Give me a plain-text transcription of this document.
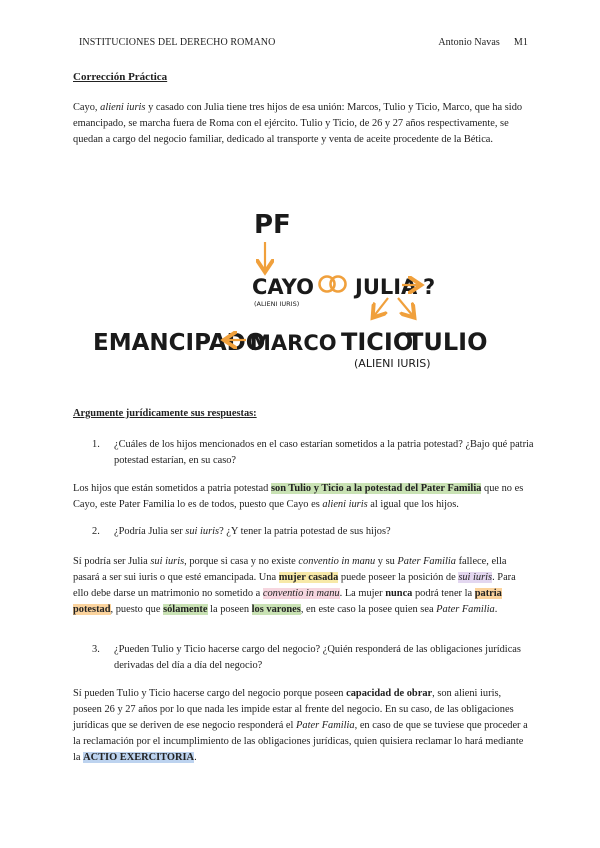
INSTITUCIONES DEL DERECHO ROMANO	Antonio Navas M1
Corrección Práctica
Cayo, alieni iuris y casado con Julia tiene tres hijos de esa unión: Marcos, Tulio y Ticio, Marco, que ha sido emancipado, se marcha fuera de Roma con el ejército. Tulio y Ticio, de 26 y 27 años respectivamente, se quedan a cargo del negocio familiar, dedicado al transporte y venta de aceite procedente de la Bética.
PF
CAYO
(ALIENI IURIS)
JULIA ?
EMANCIPADO
MARCO TICIO
TULIO
(ALIENI IURIS)
Argumente jurídicamente sus respuestas:
1. ¿Cuáles de los hijos mencionados en el caso estarían sometidos a la patria potestad? ¿Bajo qué patria potestad estarían, en su caso?
Los hijos que están sometidos a patria potestad son Tulio y Ticio a la potestad del Pater Familia que no es Cayo, este Pater Familia lo es de todos, puesto que Cayo es alieni iuris al igual que los hijos.
2. ¿Podría Julia ser sui iuris? ¿Y tener la patria potestad de sus hijos?
Sí podría ser Julia sui iuris, porque si casa y no existe conventio in manu y su Pater Familia fallece, ella pasará a ser sui iuris o que esté emancipada. Una mujer casada puede poseer la posición de sui iuris. Para ello debe darse un matrimonio no sometido a conventio in manu. La mujer nunca podrá tener la patria potestad, puesto que sólamente la poseen los varones, en este caso la posee quien sea Pater Familia.
3. ¿Pueden Tulio y Ticio hacerse cargo del negocio? ¿Quién responderá de las obligaciones jurídicas derivadas del día a día del negocio?
Sí pueden Tulio y Ticio hacerse cargo del negocio porque poseen capacidad de obrar, son alieni iuris, poseen 26 y 27 años por lo que nada les impide estar al frente del negocio. En su caso, de las obligaciones jurídicas que se deriven de ese negocio responderá el Pater Familia, en caso de que se tuviese que proceder a la reclamación por el incumplimiento de las obligaciones jurídicas, quien quisiera reclamar lo hará mediante la ACTIO EXERCITORIA.
